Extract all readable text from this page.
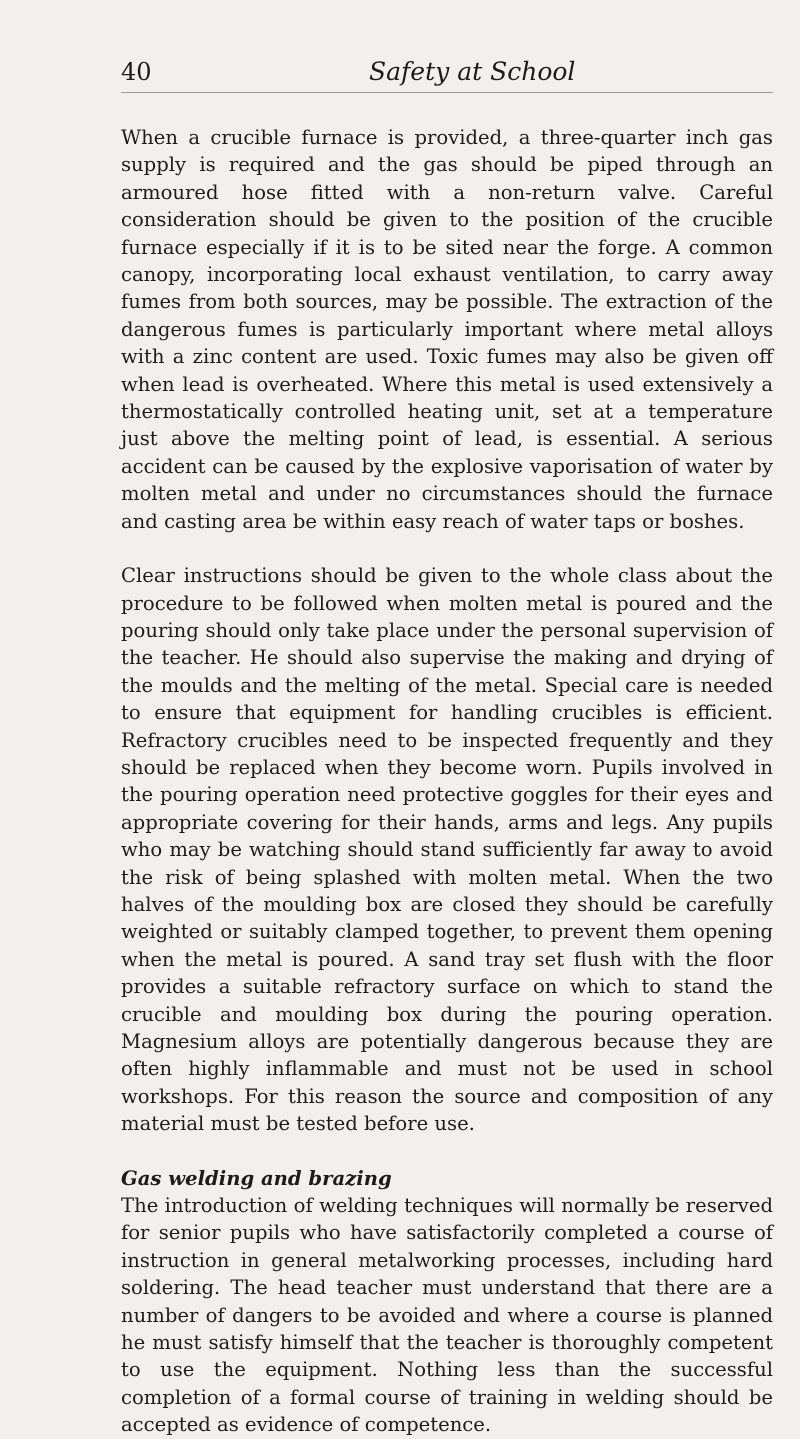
40	Safety at School

When a crucible furnace is provided, a three-quarter inch gas supply is required and the gas should be piped through an armoured hose fitted with a non-return valve. Careful consideration should be given to the position of the crucible furnace especially if it is to be sited near the forge. A common canopy, incorporating local exhaust ventilation, to carry away fumes from both sources, may be possible. The extraction of the dangerous fumes is particularly important where metal alloys with a zinc content are used. Toxic fumes may also be given off when lead is overheated. Where this metal is used extensively a thermostatically controlled heating unit, set at a temperature just above the melting point of lead, is essential. A serious accident can be caused by the explosive vaporisation of water by molten metal and under no circumstances should the furnace and casting area be within easy reach of water taps or boshes.

Clear instructions should be given to the whole class about the procedure to be followed when molten metal is poured and the pouring should only take place under the personal supervision of the teacher. He should also supervise the making and drying of the moulds and the melting of the metal. Special care is needed to ensure that equipment for handling crucibles is efficient. Refractory crucibles need to be inspected frequently and they should be replaced when they become worn. Pupils involved in the pouring operation need protective goggles for their eyes and appropriate covering for their hands, arms and legs. Any pupils who may be watching should stand sufficiently far away to avoid the risk of being splashed with molten metal. When the two halves of the moulding box are closed they should be carefully weighted or suitably clamped together, to prevent them opening when the metal is poured. A sand tray set flush with the floor provides a suitable refractory surface on which to stand the crucible and moulding box during the pouring operation. Magnesium alloys are potentially dangerous because they are often highly inflammable and must not be used in school workshops. For this reason the source and composition of any material must be tested before use.

Gas welding and brazing

The introduction of welding techniques will normally be reserved for senior pupils who have satisfactorily completed a course of instruction in general metalworking processes, including hard soldering. The head teacher must understand that there are a number of dangers to be avoided and where a course is planned he must satisfy himself that the teacher is thoroughly competent to use the equipment. Nothing less than the successful completion of a formal course of training in welding should be accepted as evidence of competence.
